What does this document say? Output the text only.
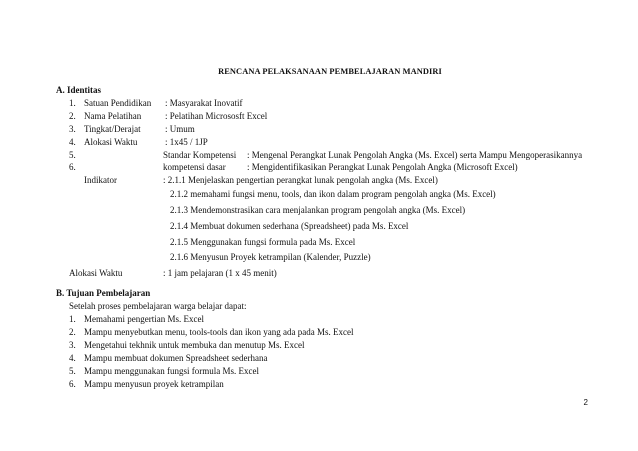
RENCANA PELAKSANAAN PEMBELAJARAN MANDIRI
A. Identitas
1. Satuan Pendidikan : Masyarakat Inovatif
2. Nama Pelatihan	: Pelatihan Micrososft Excel
3. Tingkat/Derajat	: Umum
4. Alokasi Waktu	: 1x45 / 1JP
5.	Standar Kompetensi : Mengenal Perangkat Lunak Pengolah Angka (Ms. Excel) serta Mampu Mengoperasikannya
6.	kompetensi dasar : Mengidentifikasikan Perangkat Lunak Pengolah Angka (Microsoft Excel)
Indikator	: 2.1.1 Menjelaskan pengertian perangkat lunak pengolah angka (Ms. Excel)
2.1.2 memahami fungsi menu, tools, dan ikon dalam program pengolah angka (Ms. Excel)
2.1.3 Mendemonstrasikan cara menjalankan program pengolah angka (Ms. Excel)
2.1.4 Membuat dokumen sederhana (Spreadsheet) pada Ms. Excel
2.1.5 Menggunakan fungsi formula pada Ms. Excel
2.1.6 Menyusun Proyek ketrampilan (Kalender, Puzzle)
Alokasi Waktu	: 1 jam pelajaran (1 x 45 menit)
B. Tujuan Pembelajaran
Setelah proses pembelajaran warga belajar dapat:
1. Memahami pengertian Ms. Excel
2. Mampu menyebutkan menu, tools-tools dan ikon yang ada pada Ms. Excel
3. Mengetahui tekhnik untuk membuka dan menutup Ms. Excel
4. Mampu membuat dokumen Spreadsheet sederhana
5. Mampu menggunakan fungsi formula Ms. Excel
6. Mampu menyusun proyek ketrampilan
2
